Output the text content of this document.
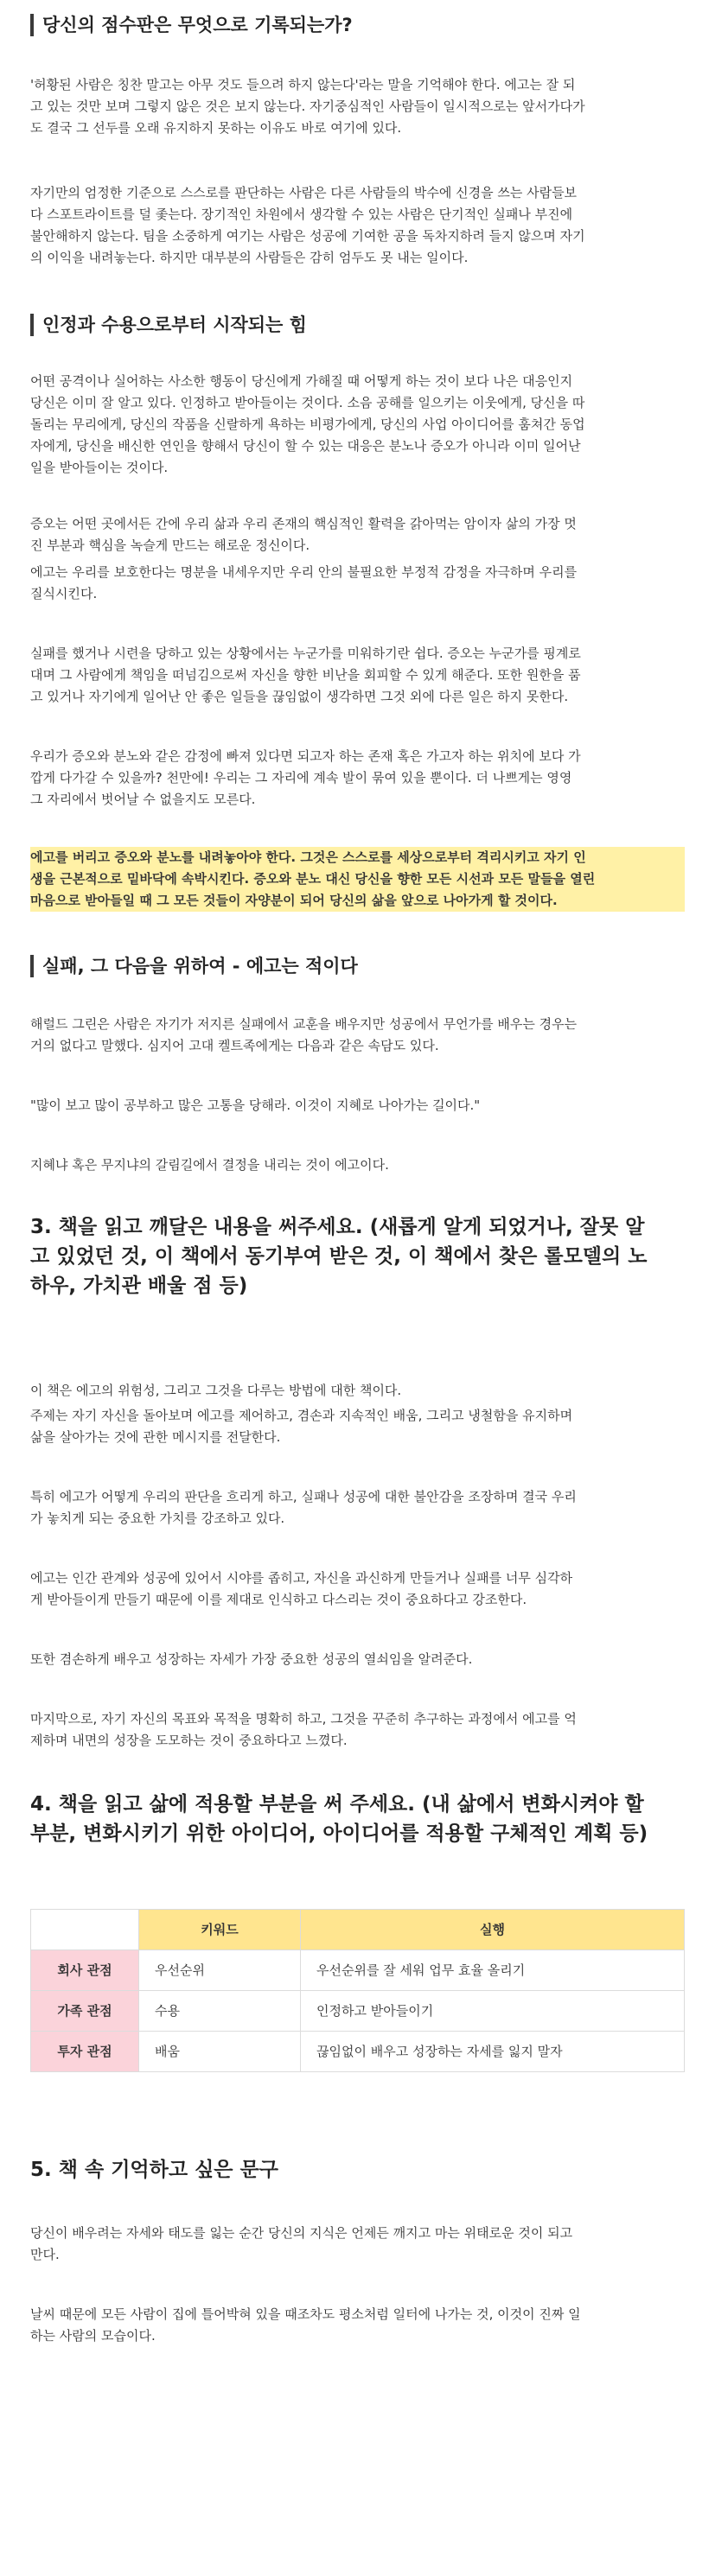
당신의 점수판은 무엇으로 기록되는가?

'허황된 사람은 칭찬 말고는 아무 것도 들으려 하지 않는다'라는 말을 기억해야 한다. 에고는 잘 되
고 있는 것만 보며 그렇지 않은 것은 보지 않는다. 자기중심적인 사람들이 일시적으로는 앞서가다가
도 결국 그 선두를 오래 유지하지 못하는 이유도 바로 여기에 있다.

자기만의 엄정한 기준으로 스스로를 판단하는 사람은 다른 사람들의 박수에 신경을 쓰는 사람들보
다 스포트라이트를 덜 좇는다. 장기적인 차원에서 생각할 수 있는 사람은 단기적인 실패나 부진에
불안해하지 않는다. 팀을 소중하게 여기는 사람은 성공에 기여한 공을 독차지하려 들지 않으며 자기
의 이익을 내려놓는다. 하지만 대부분의 사람들은 감히 엄두도 못 내는 일이다.

인정과 수용으로부터 시작되는 힘

어떤 공격이나 실어하는 사소한 행동이 당신에게 가해질 때 어떻게 하는 것이 보다 나은 대응인지
당신은 이미 잘 알고 있다. 인정하고 받아들이는 것이다. 소음 공해를 일으키는 이웃에게, 당신을 따
돌리는 무리에게, 당신의 작품을 신랄하게 욕하는 비평가에게, 당신의 사업 아이디어를 훔쳐간 동업
자에게, 당신을 배신한 연인을 향해서 당신이 할 수 있는 대응은 분노나 증오가 아니라 이미 일어난
일을 받아들이는 것이다.

증오는 어떤 곳에서든 간에 우리 삶과 우리 존재의 핵심적인 활력을 갉아먹는 암이자 삶의 가장 멋
진 부분과 핵심을 녹슬게 만드는 해로운 정신이다.

에고는 우리를 보호한다는 명분을 내세우지만 우리 안의 불필요한 부정적 감정을 자극하며 우리를
질식시킨다.

실패를 했거나 시련을 당하고 있는 상황에서는 누군가를 미워하기란 쉽다. 증오는 누군가를 핑계로
대며 그 사람에게 책임을 떠넘김으로써 자신을 향한 비난을 회피할 수 있게 해준다. 또한 원한을 품
고 있거나 자기에게 일어난 안 좋은 일들을 끊임없이 생각하면 그것 외에 다른 일은 하지 못한다.

우리가 증오와 분노와 같은 감정에 빠져 있다면 되고자 하는 존재 혹은 가고자 하는 위치에 보다 가
깝게 다가갈 수 있을까? 천만에! 우리는 그 자리에 계속 발이 묶여 있을 뿐이다. 더 나쁘게는 영영
그 자리에서 벗어날 수 없을지도 모른다.

에고를 버리고 증오와 분노를 내려놓아야 한다. 그것은 스스로를 세상으로부터 격리시키고 자기 인
생을 근본적으로 밑바닥에 속박시킨다. 증오와 분노 대신 당신을 향한 모든 시선과 모든 말들을 열린
마음으로 받아들일 때 그 모든 것들이 자양분이 되어 당신의 삶을 앞으로 나아가게 할 것이다.

실패, 그 다음을 위하여 - 에고는 적이다

해럴드 그린은 사람은 자기가 저지른 실패에서 교훈을 배우지만 성공에서 무언가를 배우는 경우는
거의 없다고 말했다. 심지어 고대 켈트족에게는 다음과 같은 속담도 있다.

"많이 보고 많이 공부하고 많은 고통을 당해라. 이것이 지혜로 나아가는 길이다."

지혜냐 혹은 무지냐의 갈림길에서 결정을 내리는 것이 에고이다.

3. 책을 읽고 깨달은 내용을 써주세요. (새롭게 알게 되었거나, 잘못 알
고 있었던 것, 이 책에서 동기부여 받은 것, 이 책에서 찾은 롤모델의 노
하우, 가치관 배울 점 등)

이 책은 에고의 위험성, 그리고 그것을 다루는 방법에 대한 책이다.

주제는 자기 자신을 돌아보며 에고를 제어하고, 겸손과 지속적인 배움, 그리고 냉철함을 유지하며
삶을 살아가는 것에 관한 메시지를 전달한다.

특히 에고가 어떻게 우리의 판단을 흐리게 하고, 실패나 성공에 대한 불안감을 조장하며 결국 우리
가 놓치게 되는 중요한 가치를 강조하고 있다.

에고는 인간 관계와 성공에 있어서 시야를 좁히고, 자신을 과신하게 만들거나 실패를 너무 심각하
게 받아들이게 만들기 때문에 이를 제대로 인식하고 다스리는 것이 중요하다고 강조한다.

또한 겸손하게 배우고 성장하는 자세가 가장 중요한 성공의 열쇠임을 알려준다.

마지막으로, 자기 자신의 목표와 목적을 명확히 하고, 그것을 꾸준히 추구하는 과정에서 에고를 억
제하며 내면의 성장을 도모하는 것이 중요하다고 느꼈다.

4. 책을 읽고 삶에 적용할 부분을 써 주세요. (내 삶에서 변화시켜야 할
부분, 변화시키기 위한 아이디어, 아이디어를 적용할 구체적인 계획 등)
	키워드	실행
회사 관점	우선순위	우선순위를 잘 세워 업무 효율 올리기
가족 관점	수용	인정하고 받아들이기
투자 관점	배움	끊임없이 배우고 성장하는 자세를 잃지 말자
5. 책 속 기억하고 싶은 문구

당신이 배우려는 자세와 태도를 잃는 순간 당신의 지식은 언제든 깨지고 마는 위태로운 것이 되고
만다.

날씨 때문에 모든 사람이 집에 틀어박혀 있을 때조차도 평소처럼 일터에 나가는 것, 이것이 진짜 일
하는 사람의 모습이다.
